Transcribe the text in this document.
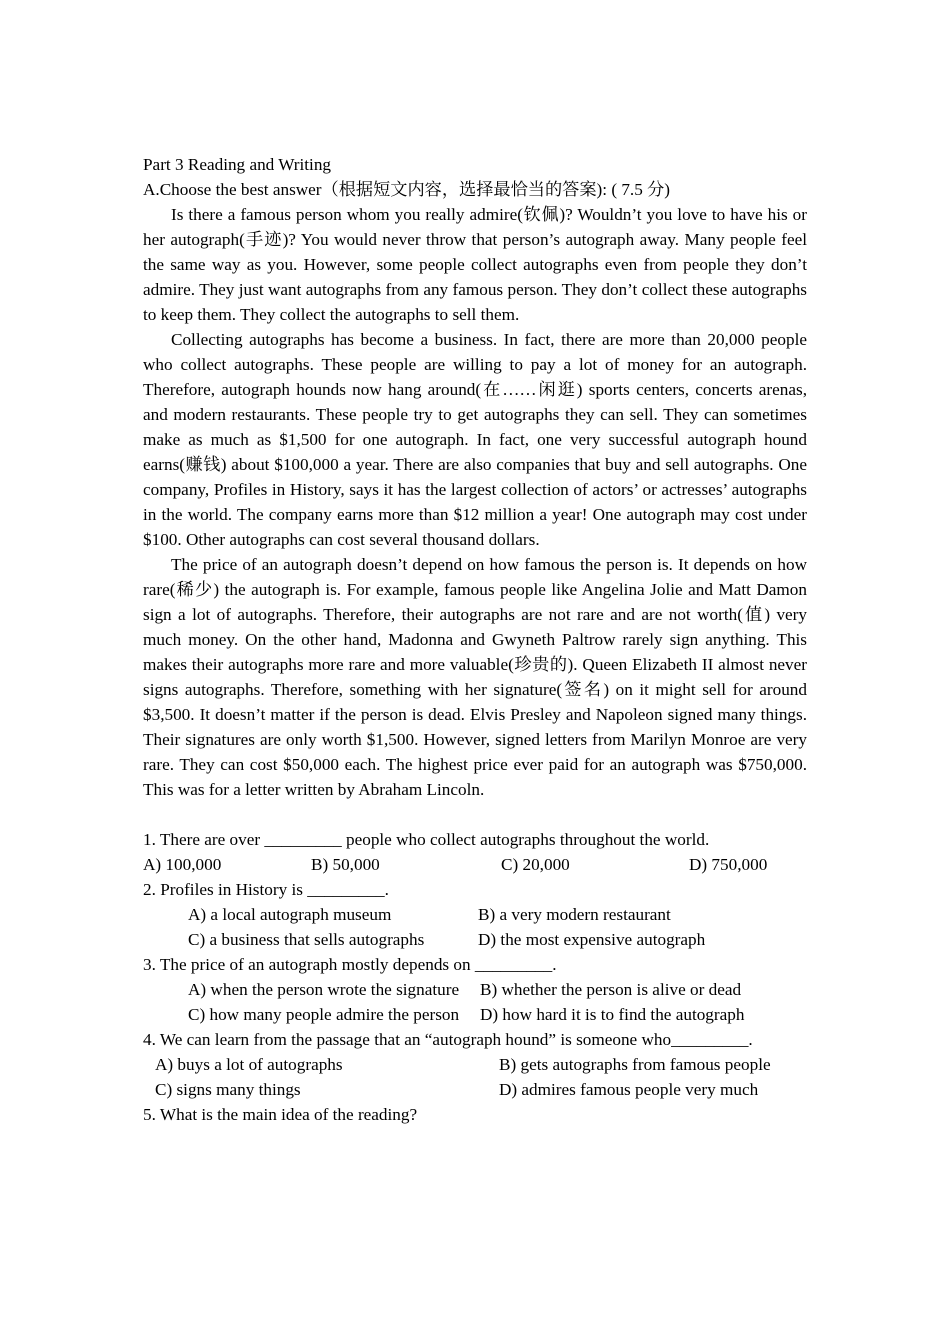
Part 3 Reading and Writing
A.Choose the best answer（根据短文内容，选择最恰当的答案): ( 7.5 分)

Is there a famous person whom you really admire(钦佩)? Wouldn’t you love to have his or her autograph(手迹)? You would never throw that person’s autograph away. Many people feel the same way as you. However, some people collect autographs even from people they don’t admire. They just want autographs from any famous person. They don’t collect these autographs to keep them. They collect the autographs to sell them.

Collecting autographs has become a business. In fact, there are more than 20,000 people who collect autographs. These people are willing to pay a lot of money for an autograph. Therefore, autograph hounds now hang around(在……闲逛) sports centers, concerts arenas, and modern restaurants. These people try to get autographs they can sell. They can sometimes make as much as $1,500 for one autograph. In fact, one very successful autograph hound earns(赚钱) about $100,000 a year. There are also companies that buy and sell autographs. One company, Profiles in History, says it has the largest collection of actors’ or actresses’ autographs in the world. The company earns more than $12 million a year! One autograph may cost under $100. Other autographs can cost several thousand dollars.

The price of an autograph doesn’t depend on how famous the person is. It depends on how rare(稀少) the autograph is. For example, famous people like Angelina Jolie and Matt Damon sign a lot of autographs. Therefore, their autographs are not rare and are not worth(值) very much money. On the other hand, Madonna and Gwyneth Paltrow rarely sign anything. This makes their autographs more rare and more valuable(珍贵的). Queen Elizabeth II almost never signs autographs. Therefore, something with her signature(签名) on it might sell for around $3,500. It doesn’t matter if the person is dead. Elvis Presley and Napoleon signed many things. Their signatures are only worth $1,500. However, signed letters from Marilyn Monroe are very rare. They can cost $50,000 each. The highest price ever paid for an autograph was $750,000. This was for a letter written by Abraham Lincoln.

1. There are over _________ people who collect autographs throughout the world.
A) 100,000	B) 50,000	C) 20,000	D) 750,000
2. Profiles in History is _________.
A) a local autograph museum	B) a very modern restaurant
C) a business that sells autographs	D) the most expensive autograph
3. The price of an autograph mostly depends on _________.
A) when the person wrote the signature	B) whether the person is alive or dead
C) how many people admire the person	D) how hard it is to find the autograph
4. We can learn from the passage that an “autograph hound” is someone who_________.
A) buys a lot of autographs	B) gets autographs from famous people
C) signs many things	D) admires famous people very much
5. What is the main idea of the reading?
